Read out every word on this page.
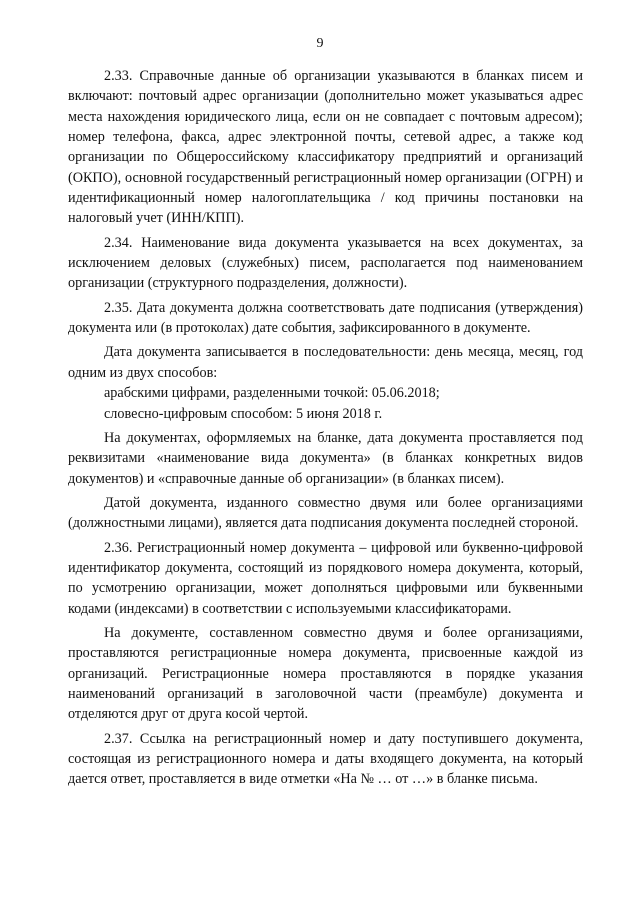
9

2.33. Справочные данные об организации указываются в бланках писем и включают: почтовый адрес организации (дополнительно может указываться адрес места нахождения юридического лица, если он не совпадает с почтовым адресом); номер телефона, факса, адрес электронной почты, сетевой адрес, а также код организации по Общероссийскому классификатору предприятий и организаций (ОКПО), основной государственный регистрационный номер организации (ОГРН) и идентификационный номер налогоплательщика / код причины постановки на налоговый учет (ИНН/КПП).

2.34. Наименование вида документа указывается на всех документах, за исключением деловых (служебных) писем, располагается под наименованием организации (структурного подразделения, должности).

2.35. Дата документа должна соответствовать дате подписания (утверждения) документа или (в протоколах) дате события, зафиксированного в документе.

Дата документа записывается в последовательности: день месяца, месяц, год одним из двух способов:

арабскими цифрами, разделенными точкой: 05.06.2018;

словесно-цифровым способом: 5 июня 2018 г.

На документах, оформляемых на бланке, дата документа проставляется под реквизитами «наименование вида документа» (в бланках конкретных видов документов) и «справочные данные об организации» (в бланках писем).

Датой документа, изданного совместно двумя или более организациями (должностными лицами), является дата подписания документа последней стороной.

2.36. Регистрационный номер документа – цифровой или буквенно-цифровой идентификатор документа, состоящий из порядкового номера документа, который, по усмотрению организации, может дополняться цифровыми или буквенными кодами (индексами) в соответствии с используемыми классификаторами.

На документе, составленном совместно двумя и более организациями, проставляются регистрационные номера документа, присвоенные каждой из организаций. Регистрационные номера проставляются в порядке указания наименований организаций в заголовочной части (преамбуле) документа и отделяются друг от друга косой чертой.

2.37. Ссылка на регистрационный номер и дату поступившего документа, состоящая из регистрационного номера и даты входящего документа, на который дается ответ, проставляется в виде отметки «На № … от …» в бланке письма.
